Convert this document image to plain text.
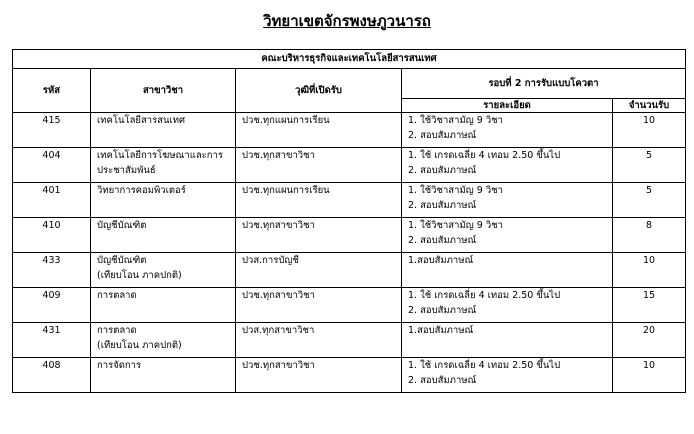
วิทยาเขตจักรพงษภูวนารถ
คณะบริหารธุรกิจและเทคโนโลยีสารสนเทศ				
รหัส	สาขาวิชา	วุฒิที่เปิดรับ	รอบที่ 2 การรับแบบโควตา	
			รายละเอียด	จำนวนรับ

415	เทคโนโลยีสารสนเทศ	ปวช.ทุกแผนการเรียน	1. ใช้วิชาสามัญ 9 วิชา
2. สอบสัมภาษณ์	10

404	เทคโนโลยีการโฆษณาและการ
ประชาสัมพันธ์	ปวช.ทุกสาขาวิชา	1. ใช้ เกรดเฉลี่ย 4 เทอม 2.50 ขึ้นไป
2. สอบสัมภาษณ์	5

401	วิทยาการคอมพิวเตอร์	ปวช.ทุกแผนการเรียน	1. ใช้วิชาสามัญ 9 วิชา
2. สอบสัมภาษณ์	5

410	บัญชีบัณฑิต	ปวช.ทุกสาขาวิชา	1. ใช้วิชาสามัญ 9 วิชา
2. สอบสัมภาษณ์	8

433	บัญชีบัณฑิต
(เทียบโอน ภาคปกติ)	ปวส.การบัญชี	1.สอบสัมภาษณ์	10

409	การตลาด	ปวช.ทุกสาขาวิชา	1. ใช้ เกรดเฉลี่ย 4 เทอม 2.50 ขึ้นไป
2. สอบสัมภาษณ์	15

431	การตลาด
(เทียบโอน ภาคปกติ)	ปวส.ทุกสาขาวิชา	1.สอบสัมภาษณ์	20

408	การจัดการ	ปวช.ทุกสาขาวิชา	1. ใช้ เกรดเฉลี่ย 4 เทอม 2.50 ขึ้นไป
2. สอบสัมภาษณ์	10
